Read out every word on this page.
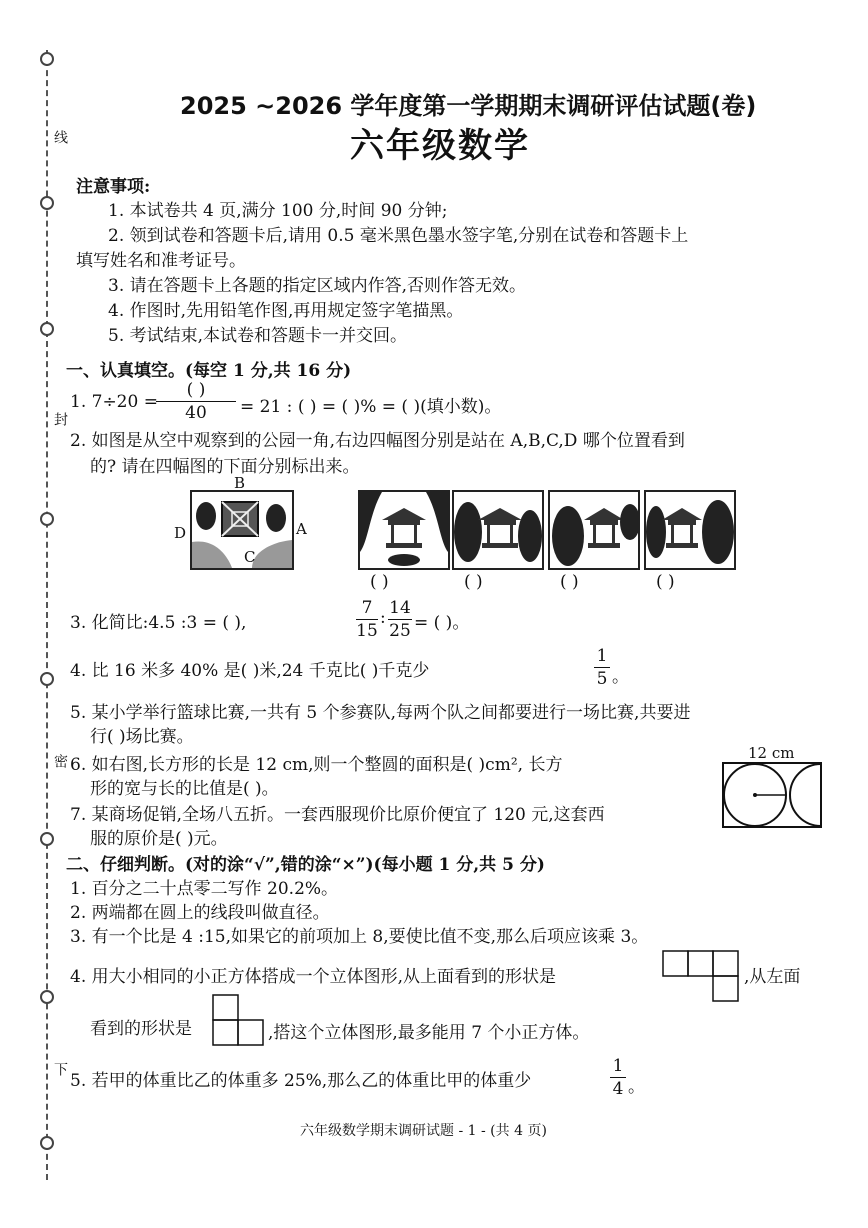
线
封
密
下
2025 ~2026 学年度第一学期期末调研评估试题(卷)
六年级数学
注意事项:
1. 本试卷共 4 页,满分 100 分,时间 90 分钟;
2. 领到试卷和答题卡后,请用 0.5 毫米黑色墨水签字笔,分别在试卷和答题卡上
填写姓名和准考证号。
3. 请在答题卡上各题的指定区域内作答,否则作答无效。
4. 作图时,先用铅笔作图,再用规定签字笔描黑。
5. 考试结束,本试卷和答题卡一并交回。
一、认真填空。(每空 1 分,共 16 分)
1. 7÷20 =
( )
40	= 21 : ( ) = ( )% = ( )(填小数)。
2. 如图是从空中观察到的公园一角,右边四幅图分别是站在 A,B,C,D 哪个位置看到
的? 请在四幅图的下面分别标出来。
B
A
C
D
( )	( )	( )	( )
3. 化简比:4.5 :3 = ( ),
7
15
: 14
25 = ( )。
4. 比 16 米多 40% 是( )米,24 千克比( )千克少
1
5 。
5. 某小学举行篮球比赛,一共有 5 个参赛队,每两个队之间都要进行一场比赛,共要进
行( )场比赛。
6. 如右图,长方形的长是 12 cm,则一个整圆的面积是( )cm², 长方
形的宽与长的比值是( )。
12 cm
7. 某商场促销,全场八五折。一套西服现价比原价便宜了 120 元,这套西
服的原价是( )元。
二、仔细判断。(对的涂“√”,错的涂“×”)(每小题 1 分,共 5 分)
1. 百分之二十点零二写作 20.2%。
2. 两端都在圆上的线段叫做直径。
3. 有一个比是 4 :15,如果它的前项加上 8,要使比值不变,那么后项应该乘 3。
4. 用大小相同的小正方体搭成一个立体图形,从上面看到的形状是	,从左面
看到的形状是	,搭这个立体图形,最多能用 7 个小正方体。
5. 若甲的体重比乙的体重多 25%,那么乙的体重比甲的体重少
1
4 。
六年级数学期末调研试题 - 1 - (共 4 页)
